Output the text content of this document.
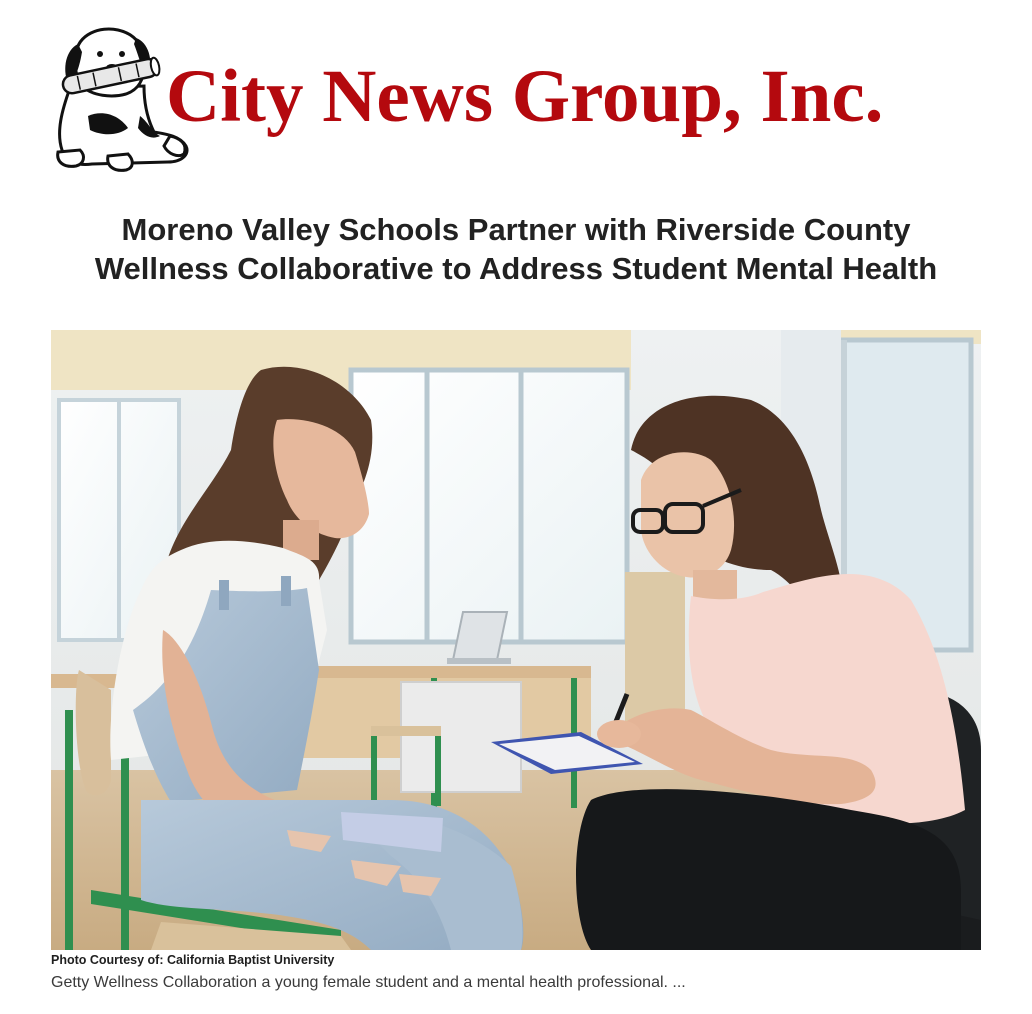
City News Group, Inc.
Moreno Valley Schools Partner with Riverside County
Wellness Collaborative to Address Student Mental Health
Photo Courtesy of: California Baptist University
Getty Wellness Collaboration a young female student and a mental health professional. ...
